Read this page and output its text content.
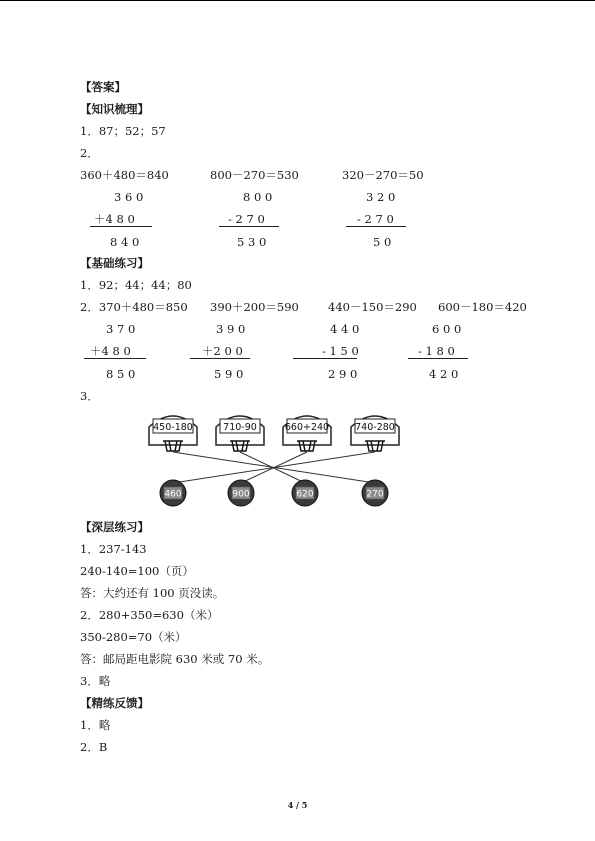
【答案】
【知识梳理】
1．87；52；57
2．
360＋480＝840	800－270＝530	320－270＝50
3 6 0	8 0 0	3 2 0
＋4 8 0	- 2 7 0	- 2 7 0
8 4 0	5 3 0	5 0
【基础练习】
1．92；44；44；80
2．370＋480＝850 390＋200＝590	440－150＝290 600－180＝420
3 7 0	3 9 0	4 4 0	6 0 0
＋4 8 0	＋2 0 0	- 1 5 0	- 1 8 0
8 5 0	5 9 0	2 9 0	4 2 0
3．
450-180	710-90	660+240	740-280
460	900	620	270
【深层练习】
1．237-143
240-140=100（页）
答：大约还有 100 页没读。
2．280+350=630（米）
350-280=70（米）
答：邮局距电影院 630 米或 70 米。
3．略
【精练反馈】
1．略
2．B
4 / 5
